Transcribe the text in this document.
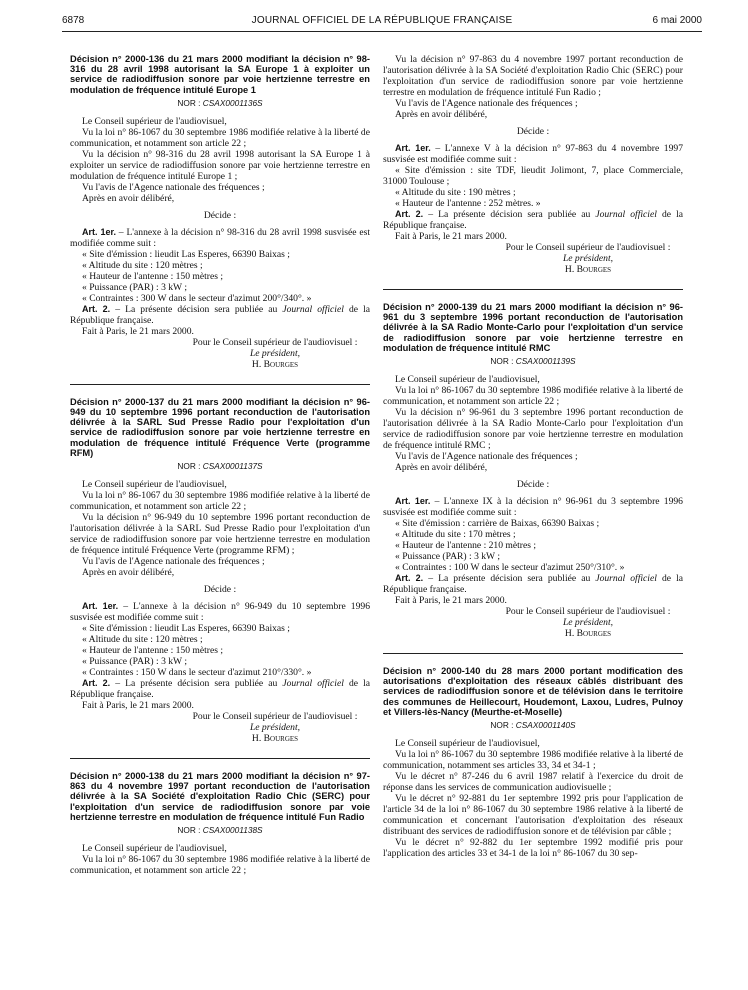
6878	JOURNAL OFFICIEL DE LA RÉPUBLIQUE FRANÇAISE	6 mai 2000

Décision n° 2000-136 du 21 mars 2000 modifiant la décision n° 98-316 du 28 avril 1998 autorisant la SA Europe 1 à exploiter un service de radiodiffusion sonore par voie hertzienne terrestre en modulation de fréquence intitulé Europe 1

NOR : CSAX0001136S

Le Conseil supérieur de l'audiovisuel,

Vu la loi n° 86-1067 du 30 septembre 1986 modifiée relative à la liberté de communication, et notamment son article 22 ;

Vu la décision n° 98-316 du 28 avril 1998 autorisant la SA Europe 1 à exploiter un service de radiodiffusion sonore par voie hertzienne terrestre en modulation de fréquence intitulé Europe 1 ;

Vu l'avis de l'Agence nationale des fréquences ;

Après en avoir délibéré,

Décide :

Art. 1er. – L'annexe à la décision n° 98-316 du 28 avril 1998 susvisée est modifiée comme suit :

« Site d'émission : lieudit Las Esperes, 66390 Baixas ;

« Altitude du site : 120 mètres ;

« Hauteur de l'antenne : 150 mètres ;

« Puissance (PAR) : 3 kW ;

« Contraintes : 300 W dans le secteur d'azimut 200°/340°. »

Art. 2. – La présente décision sera publiée au Journal officiel de la République française.

Fait à Paris, le 21 mars 2000.

Pour le Conseil supérieur de l'audiovisuel :

Le président,

H. Bourges

Décision n° 2000-137 du 21 mars 2000 modifiant la décision n° 96-949 du 10 septembre 1996 portant reconduction de l'autorisation délivrée à la SARL Sud Presse Radio pour l'exploitation d'un service de radiodiffusion sonore par voie hertzienne terrestre en modulation de fréquence intitulé Fréquence Verte (programme RFM)

NOR : CSAX0001137S

Le Conseil supérieur de l'audiovisuel,

Vu la loi n° 86-1067 du 30 septembre 1986 modifiée relative à la liberté de communication, et notamment son article 22 ;

Vu la décision n° 96-949 du 10 septembre 1996 portant reconduction de l'autorisation délivrée à la SARL Sud Presse Radio pour l'exploitation d'un service de radiodiffusion sonore par voie hertzienne terrestre en modulation de fréquence intitulé Fréquence Verte (programme RFM) ;

Vu l'avis de l'Agence nationale des fréquences ;

Après en avoir délibéré,

Décide :

Art. 1er. – L'annexe à la décision n° 96-949 du 10 septembre 1996 susvisée est modifiée comme suit :

« Site d'émission : lieudit Las Esperes, 66390 Baixas ;

« Altitude du site : 120 mètres ;

« Hauteur de l'antenne : 150 mètres ;

« Puissance (PAR) : 3 kW ;

« Contraintes : 150 W dans le secteur d'azimut 210°/330°. »

Art. 2. – La présente décision sera publiée au Journal officiel de la République française.

Fait à Paris, le 21 mars 2000.

Pour le Conseil supérieur de l'audiovisuel :

Le président,

H. Bourges

Décision n° 2000-138 du 21 mars 2000 modifiant la décision n° 97-863 du 4 novembre 1997 portant reconduction de l'autorisation délivrée à la SA Société d'exploitation Radio Chic (SERC) pour l'exploitation d'un service de radiodiffusion sonore par voie hertzienne terrestre en modulation de fréquence intitulé Fun Radio

NOR : CSAX0001138S

Le Conseil supérieur de l'audiovisuel,

Vu la loi n° 86-1067 du 30 septembre 1986 modifiée relative à la liberté de communication, et notamment son article 22 ;

Vu la décision n° 97-863 du 4 novembre 1997 portant reconduction de l'autorisation délivrée à la SA Société d'exploitation Radio Chic (SERC) pour l'exploitation d'un service de radiodiffusion sonore par voie hertzienne terrestre en modulation de fréquence intitulé Fun Radio ;

Vu l'avis de l'Agence nationale des fréquences ;

Après en avoir délibéré,

Décide :

Art. 1er. – L'annexe V à la décision n° 97-863 du 4 novembre 1997 susvisée est modifiée comme suit :

« Site d'émission : site TDF, lieudit Jolimont, 7, place Commerciale, 31000 Toulouse ;

« Altitude du site : 190 mètres ;

« Hauteur de l'antenne : 252 mètres. »

Art. 2. – La présente décision sera publiée au Journal officiel de la République française.

Fait à Paris, le 21 mars 2000.

Pour le Conseil supérieur de l'audiovisuel :

Le président,

H. Bourges

Décision n° 2000-139 du 21 mars 2000 modifiant la décision n° 96-961 du 3 septembre 1996 portant reconduction de l'autorisation délivrée à la SA Radio Monte-Carlo pour l'exploitation d'un service de radiodiffusion sonore par voie hertzienne terrestre en modulation de fréquence intitulé RMC

NOR : CSAX0001139S

Le Conseil supérieur de l'audiovisuel,

Vu la loi n° 86-1067 du 30 septembre 1986 modifiée relative à la liberté de communication, et notamment son article 22 ;

Vu la décision n° 96-961 du 3 septembre 1996 portant reconduction de l'autorisation délivrée à la SA Radio Monte-Carlo pour l'exploitation d'un service de radiodiffusion sonore par voie hertzienne terrestre en modulation de fréquence intitulé RMC ;

Vu l'avis de l'Agence nationale des fréquences ;

Après en avoir délibéré,

Décide :

Art. 1er. – L'annexe IX à la décision n° 96-961 du 3 septembre 1996 susvisée est modifiée comme suit :

« Site d'émission : carrière de Baixas, 66390 Baixas ;

« Altitude du site : 170 mètres ;

« Hauteur de l'antenne : 210 mètres ;

« Puissance (PAR) : 3 kW ;

« Contraintes : 100 W dans le secteur d'azimut 250°/310°. »

Art. 2. – La présente décision sera publiée au Journal officiel de la République française.

Fait à Paris, le 21 mars 2000.

Pour le Conseil supérieur de l'audiovisuel :

Le président,

H. Bourges

Décision n° 2000-140 du 28 mars 2000 portant modification des autorisations d'exploitation des réseaux câblés distribuant des services de radiodiffusion sonore et de télévision dans le territoire des communes de Heillecourt, Houdemont, Laxou, Ludres, Pulnoy et Villers-lès-Nancy (Meurthe-et-Moselle)

NOR : CSAX0001140S

Le Conseil supérieur de l'audiovisuel,

Vu la loi n° 86-1067 du 30 septembre 1986 modifiée relative à la liberté de communication, notamment ses articles 33, 34 et 34-1 ;

Vu le décret n° 87-246 du 6 avril 1987 relatif à l'exercice du droit de réponse dans les services de communication audiovisuelle ;

Vu le décret n° 92-881 du 1er septembre 1992 pris pour l'application de l'article 34 de la loi n° 86-1067 du 30 septembre 1986 relative à la liberté de communication et concernant l'autorisation d'exploitation des réseaux distribuant des services de radiodiffusion sonore et de télévision par câble ;

Vu le décret n° 92-882 du 1er septembre 1992 modifié pris pour l'application des articles 33 et 34-1 de la loi n° 86-1067 du 30 sep-
